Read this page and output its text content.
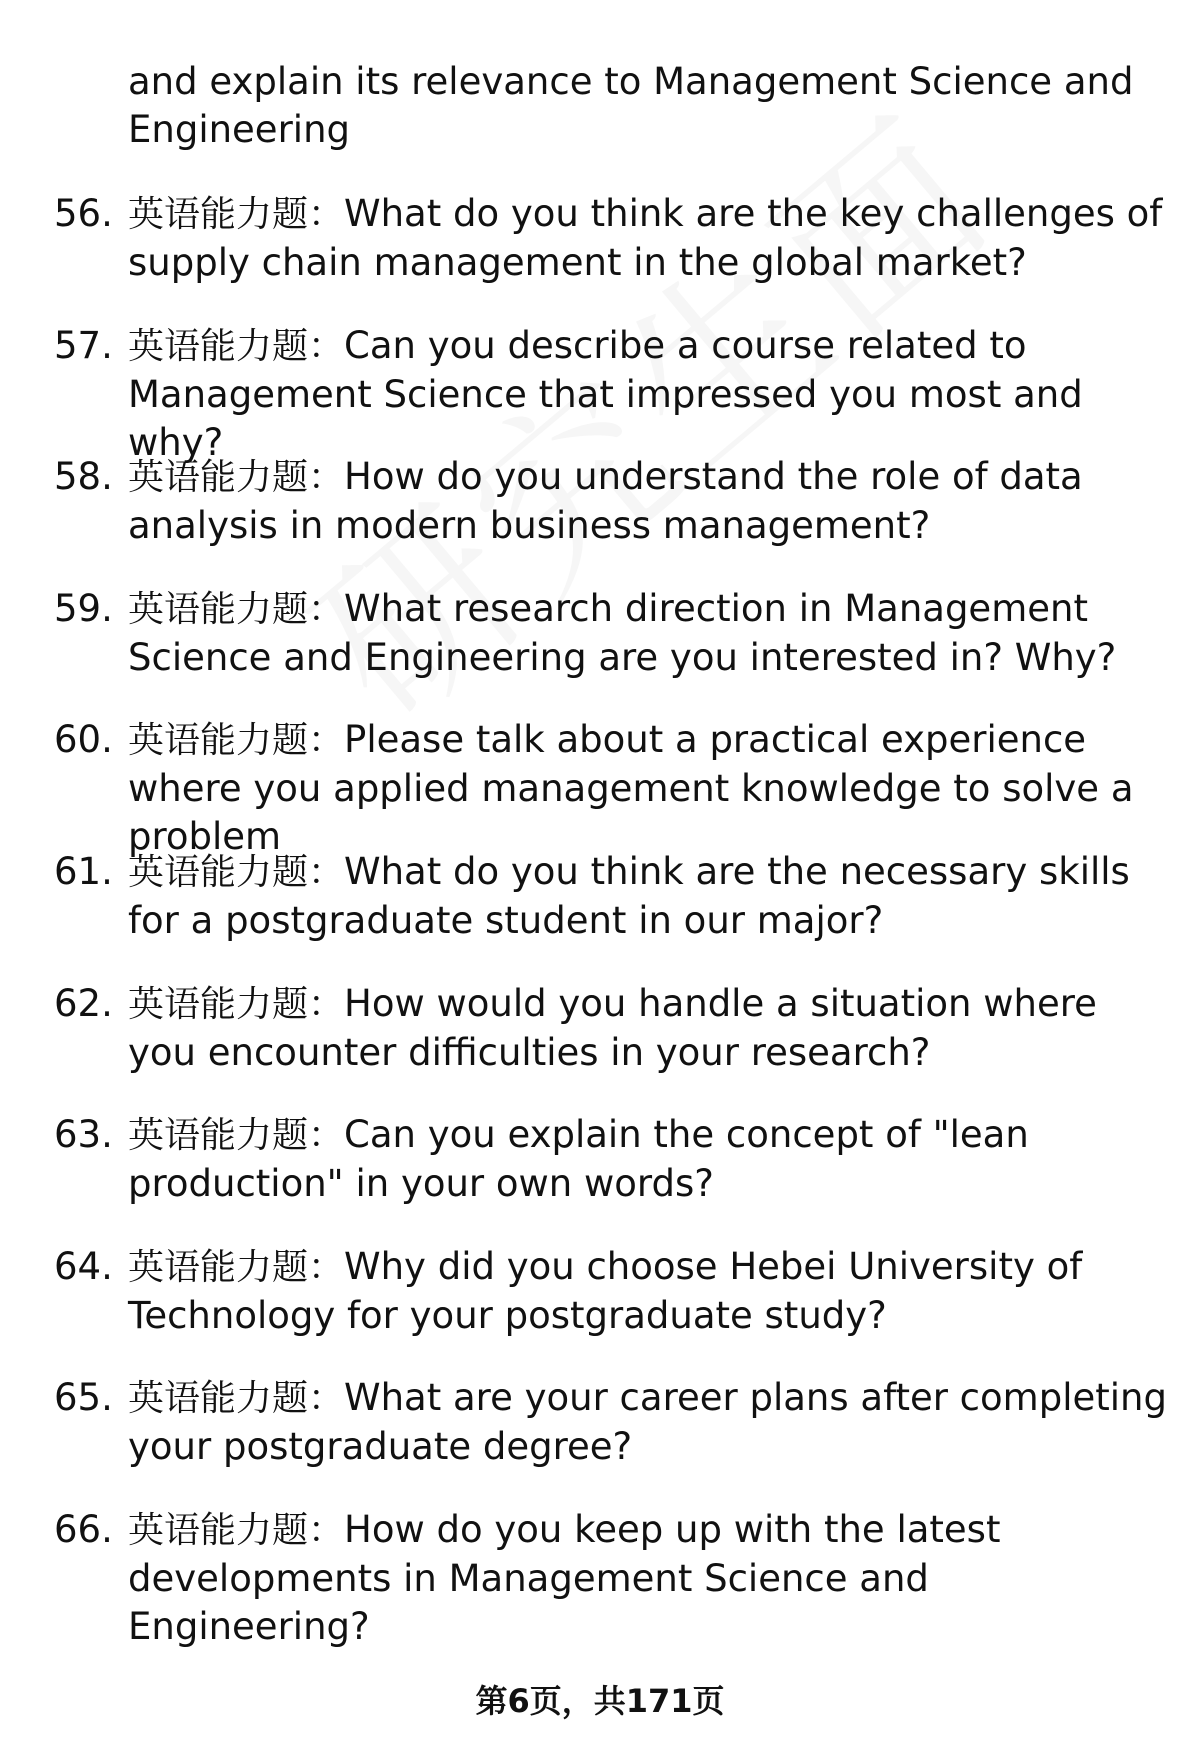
and explain its relevance to Management Science and Engineering
56. 英语能力题：What do you think are the key challenges of supply chain management in the global market?
57. 英语能力题：Can you describe a course related to Management Science that impressed you most and why?
58. 英语能力题：How do you understand the role of data analysis in modern business management?
59. 英语能力题：What research direction in Management Science and Engineering are you interested in? Why?
60. 英语能力题：Please talk about a practical experience where you applied management knowledge to solve a problem
61. 英语能力题：What do you think are the necessary skills for a postgraduate student in our major?
62. 英语能力题：How would you handle a situation where you encounter difficulties in your research?
63. 英语能力题：Can you explain the concept of "lean production" in your own words?
64. 英语能力题：Why did you choose Hebei University of Technology for your postgraduate study?
65. 英语能力题：What are your career plans after completing your postgraduate degree?
66. 英语能力题：How do you keep up with the latest developments in Management Science and Engineering?
第6页，共171页
